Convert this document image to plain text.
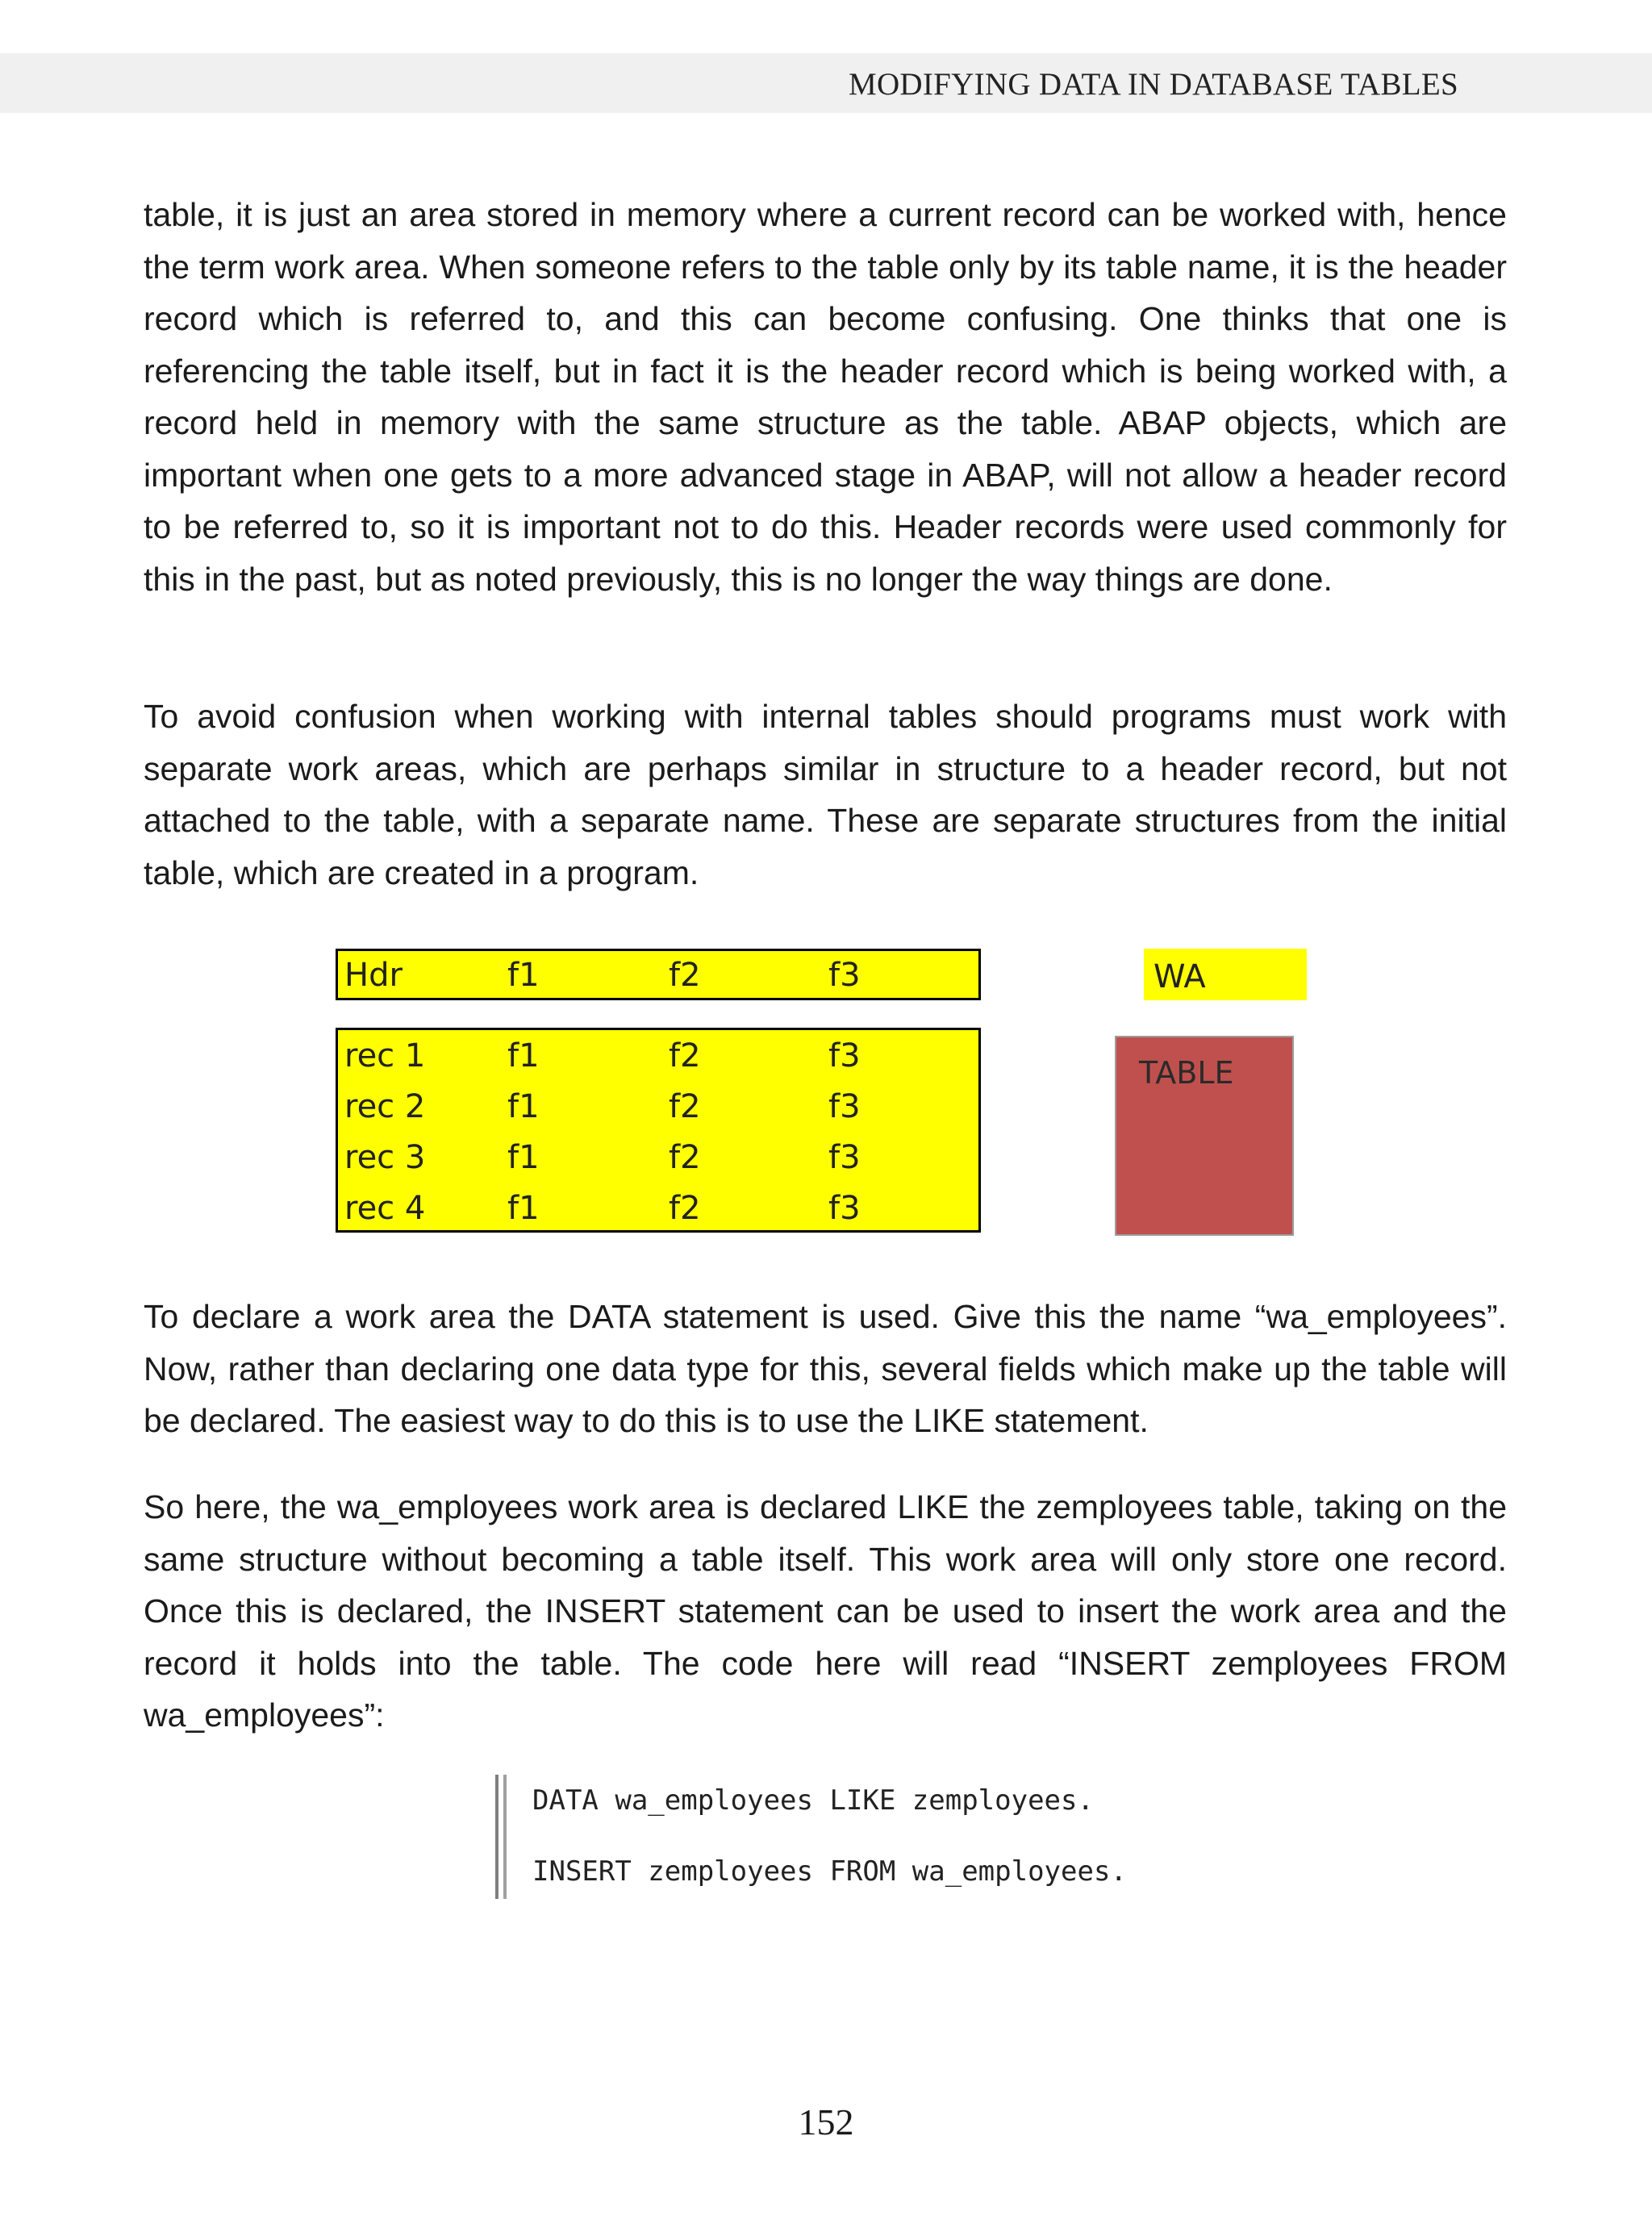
MODIFYING DATA IN DATABASE TABLES

table, it is just an area stored in memory where a current record can be worked with, hence the term work area. When someone refers to the table only by its table name, it is the header record which is referred to, and this can become confusing. One thinks that one is referencing the table itself, but in fact it is the header record which is being worked with, a record held in memory with the same structure as the table. ABAP objects, which are important when one gets to a more advanced stage in ABAP, will not allow a header record to be referred to, so it is important not to do this. Header records were used commonly for this in the past, but as noted previously, this is no longer the way things are done.

To avoid confusion when working with internal tables should programs must work with separate work areas, which are perhaps similar in structure to a header record, but not attached to the table, with a separate name. These are separate structures from the initial table, which are created in a program.

Hdr	f1	f2	f3
rec 1	f1	f2	f3
rec 2	f1	f2	f3
rec 3	f1	f2	f3
rec 4	f1	f2	f3
WA
TABLE

To declare a work area the DATA statement is used. Give this the name “wa_employees”. Now, rather than declaring one data type for this, several fields which make up the table will be declared. The easiest way to do this is to use the LIKE statement.

So here, the wa_employees work area is declared LIKE the zemployees table, taking on the same structure without becoming a table itself. This work area will only store one record. Once this is declared, the INSERT statement can be used to insert the work area and the record it holds into the table. The code here will read “INSERT zemployees FROM wa_employees”:

DATA wa_employees LIKE zemployees.
INSERT zemployees FROM wa_employees.
152
